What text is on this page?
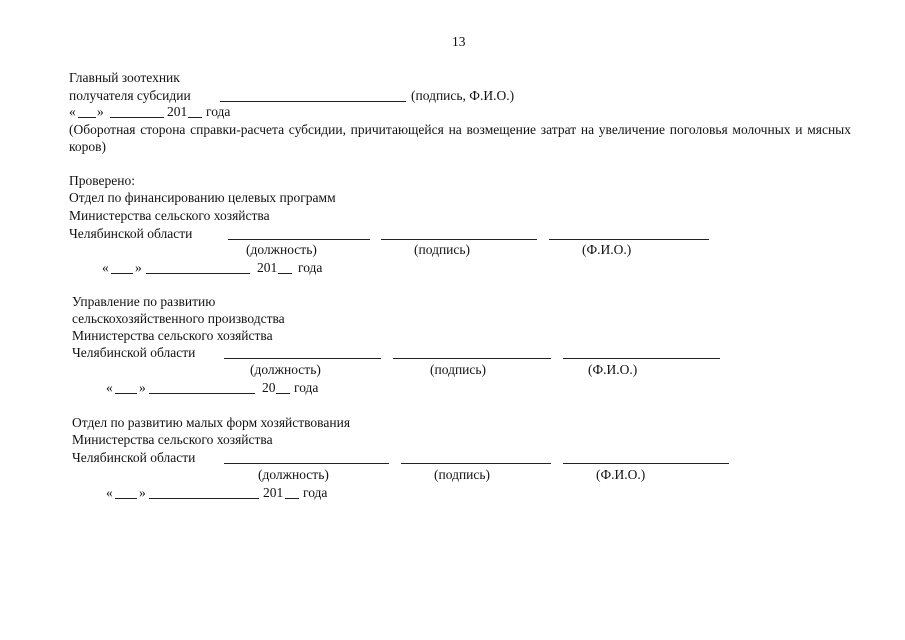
13
Главный зоотехник
получателя субсидии	(подпись, Ф.И.О.)
« »	201 года
(Оборотная сторона справки-расчета субсидии, причитающейся на возмещение затрат на увеличение поголовья молочных и мясных коров)
Проверено:
Отдел по финансированию целевых программ
Министерства сельского хозяйства
Челябинской области
(должность)	(подпись)	(Ф.И.О.)
« »	201 года
Управление по развитию
сельскохозяйственного производства
Министерства сельского хозяйства
Челябинской области
(должность)	(подпись)	(Ф.И.О.)
« »	20 года
Отдел по развитию малых форм хозяйствования
Министерства сельского хозяйства
Челябинской области
(должность)	(подпись)	(Ф.И.О.)
« »	201 года
